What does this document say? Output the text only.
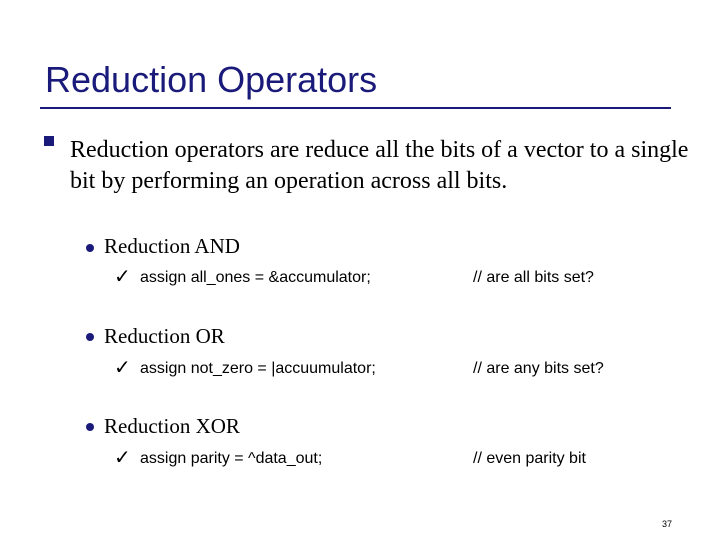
Reduction Operators
Reduction operators are reduce all the bits of a vector to a single bit by performing an operation across all bits.
Reduction AND
✓ assign all_ones = &accumulator;	// are all bits set?
Reduction OR
✓ assign not_zero = |accuumulator;	// are any bits set?
Reduction XOR
✓ assign parity = ^data_out;	// even parity bit
37
